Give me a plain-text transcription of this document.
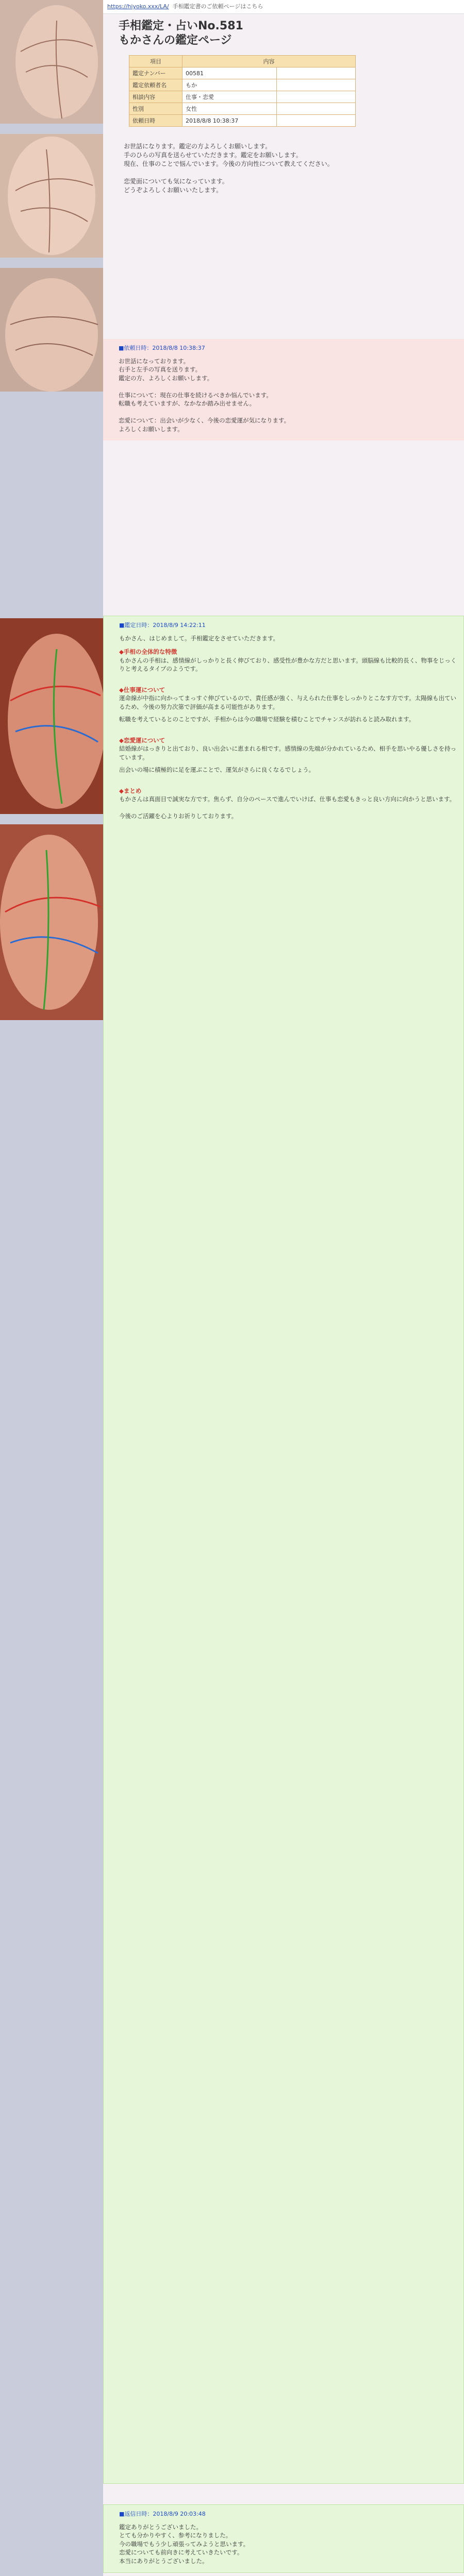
https://hiyoko.xxx/LA/ 手相鑑定書のご依頼ページはこちら
手相鑑定・占いNo.581
もかさんの鑑定ページ
項目	内容	
鑑定ナンバー	00581	
鑑定依頼者名	もか	
相談内容	仕事・恋愛	
性別	女性	
依頼日時	2018/8/8 10:38:37	

お世話になります。鑑定の方よろしくお願いします。

手のひらの写真を送らせていただきます。鑑定をお願いします。

現在、仕事のことで悩んでいます。今後の方向性について教えてください。

恋愛面についても気になっています。

どうぞよろしくお願いいたします。

■依頼日時：2018/8/8 10:38:37
お世話になっております。
右手と左手の写真を送ります。
鑑定の方、よろしくお願いします。

仕事について：現在の仕事を続けるべきか悩んでいます。
転職も考えていますが、なかなか踏み出せません。

恋愛について：出会いが少なく、今後の恋愛運が気になります。
よろしくお願いします。
■鑑定日時：2018/8/9 14:22:11
もかさん、はじめまして。手相鑑定をさせていただきます。
◆手相の全体的な特徴
もかさんの手相は、感情線がしっかりと長く伸びており、感受性が豊かな方だと思います。頭脳線も比較的長く、物事をじっくりと考えるタイプのようです。
◆仕事運について
運命線が中指に向かってまっすぐ伸びているので、責任感が強く、与えられた仕事をしっかりとこなす方です。太陽線も出ているため、今後の努力次第で評価が高まる可能性があります。
転職を考えているとのことですが、手相からは今の職場で経験を積むことでチャンスが訪れると読み取れます。
◆恋愛運について
結婚線がはっきりと出ており、良い出会いに恵まれる相です。感情線の先端が分かれているため、相手を思いやる優しさを持っています。
出会いの場に積極的に足を運ぶことで、運気がさらに良くなるでしょう。
◆まとめ
もかさんは真面目で誠実な方です。焦らず、自分のペースで進んでいけば、仕事も恋愛もきっと良い方向に向かうと思います。
今後のご活躍を心よりお祈りしております。
■返信日時：2018/8/9 20:03:48
鑑定ありがとうございました。
とても分かりやすく、参考になりました。
今の職場でもう少し頑張ってみようと思います。
恋愛についても前向きに考えていきたいです。
本当にありがとうございました。
